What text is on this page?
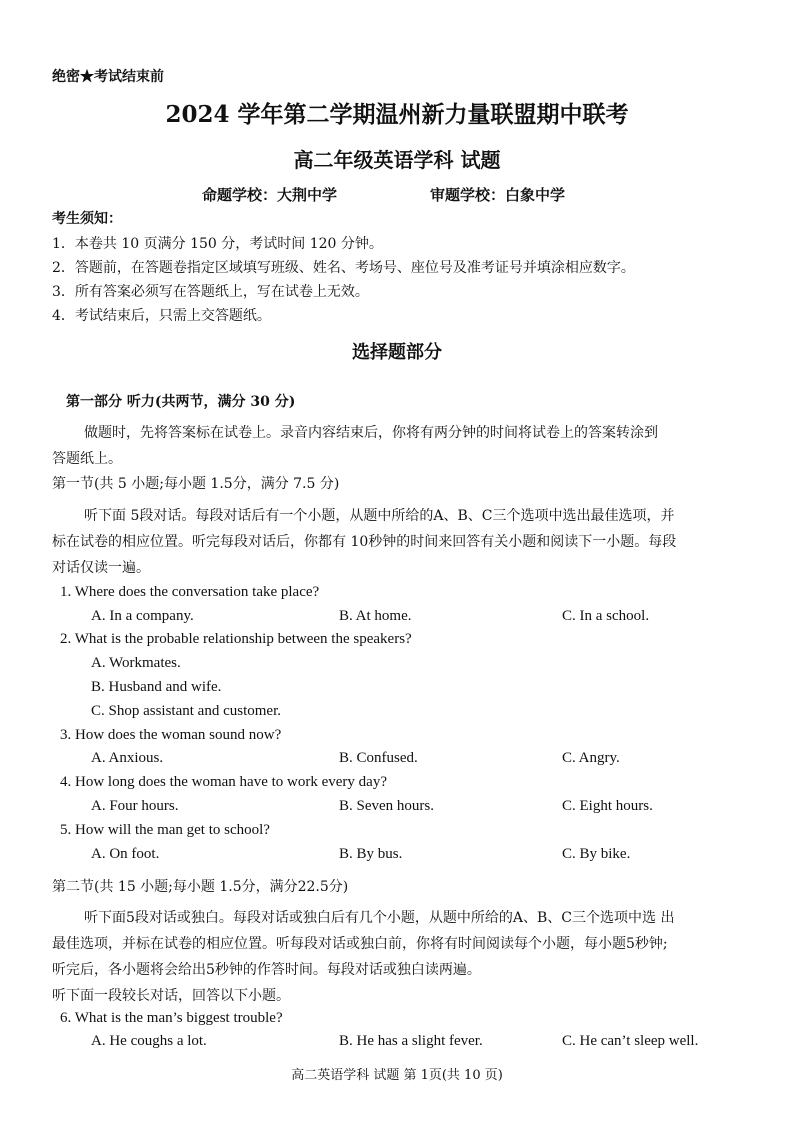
绝密★考试结束前
2024 学年第二学期温州新力量联盟期中联考
高二年级英语学科 试题
命题学校：大荆中学	审题学校：白象中学
考生须知：
1．本卷共 10 页满分 150 分，考试时间 120 分钟。
2．答题前，在答题卷指定区域填写班级、姓名、考场号、座位号及准考证号并填涂相应数字。
3．所有答案必须写在答题纸上，写在试卷上无效。
4．考试结束后，只需上交答题纸。
选择题部分
第一部分 听力(共两节，满分 30 分)
做题时，先将答案标在试卷上。录音内容结束后，你将有两分钟的时间将试卷上的答案转涂到
答题纸上。
第一节(共 5 小题;每小题 1.5分，满分 7.5 分)
听下面 5段对话。每段对话后有一个小题，从题中所给的A、B、C三个选项中选出最佳选项，并
标在试卷的相应位置。听完每段对话后，你都有 10秒钟的时间来回答有关小题和阅读下一小题。每段
对话仅读一遍。
1. Where does the conversation take place?
A. In a company.	B. At home.	C. In a school.
2. What is the probable relationship between the speakers?
A. Workmates.
B. Husband and wife.
C. Shop assistant and customer.
3. How does the woman sound now?
A. Anxious.	B. Confused.	C. Angry.
4. How long does the woman have to work every day?
A. Four hours.	B. Seven hours.	C. Eight hours.
5. How will the man get to school?
A. On foot.	B. By bus.	C. By bike.
第二节(共 15 小题;每小题 1.5分，满分22.5分)
听下面5段对话或独白。每段对话或独白后有几个小题，从题中所给的A、B、C三个选项中选 出
最佳选项，并标在试卷的相应位置。听每段对话或独白前，你将有时间阅读每个小题，每小题5秒钟;
听完后，各小题将会给出5秒钟的作答时间。每段对话或独白读两遍。
听下面一段较长对话，回答以下小题。
6. What is the man’s biggest trouble?
A. He coughs a lot.	B. He has a slight fever.	C. He can’t sleep well.
高二英语学科 试题 第 1页(共 10 页)
